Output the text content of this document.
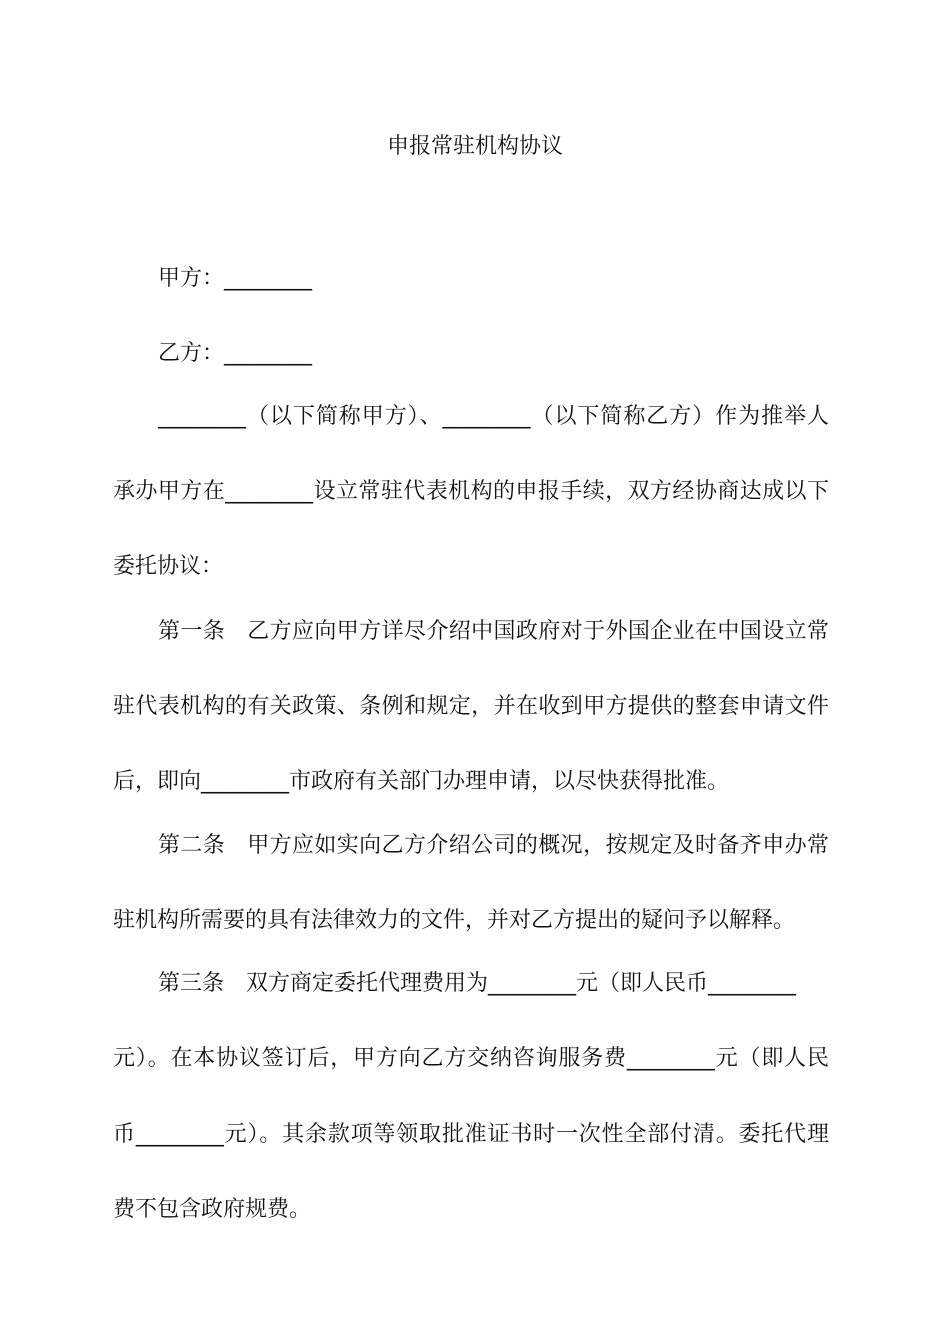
申报常驻机构协议
甲方：________
乙方：________
________（以下简称甲方）、________（以下简称乙方）作为推举人
承办甲方在________设立常驻代表机构的申报手续，双方经协商达成以下
委托协议：
第一条 乙方应向甲方详尽介绍中国政府对于外国企业在中国设立常
驻代表机构的有关政策、条例和规定，并在收到甲方提供的整套申请文件
后，即向________市政府有关部门办理申请，以尽快获得批准。
第二条 甲方应如实向乙方介绍公司的概况，按规定及时备齐申办常
驻机构所需要的具有法律效力的文件，并对乙方提出的疑问予以解释。
第三条 双方商定委托代理费用为________元（即人民币________
元）。在本协议签订后，甲方向乙方交纳咨询服务费________元（即人民
币________元）。其余款项等领取批准证书时一次性全部付清。委托代理
费不包含政府规费。
